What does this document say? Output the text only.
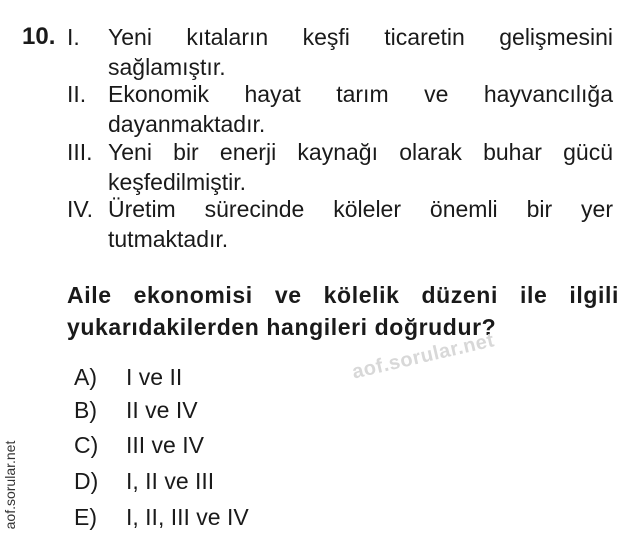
10. I. Yeni kıtaların keşfi ticaretin gelişmesini sağlamıştır.
II. Ekonomik hayat tarım ve hayvancılığa dayanmaktadır.
III. Yeni bir enerji kaynağı olarak buhar gücü keşfedilmiştir.
IV. Üretim sürecinde köleler önemli bir yer tutmaktadır.
Aile ekonomisi ve kölelik düzeni ile ilgili yukarıdakilerden hangileri doğrudur?
aof.sorular.net
A) I ve II
B) II ve IV
C) III ve IV
D) I, II ve III
E) I, II, III ve IV
aof.sorular.net
